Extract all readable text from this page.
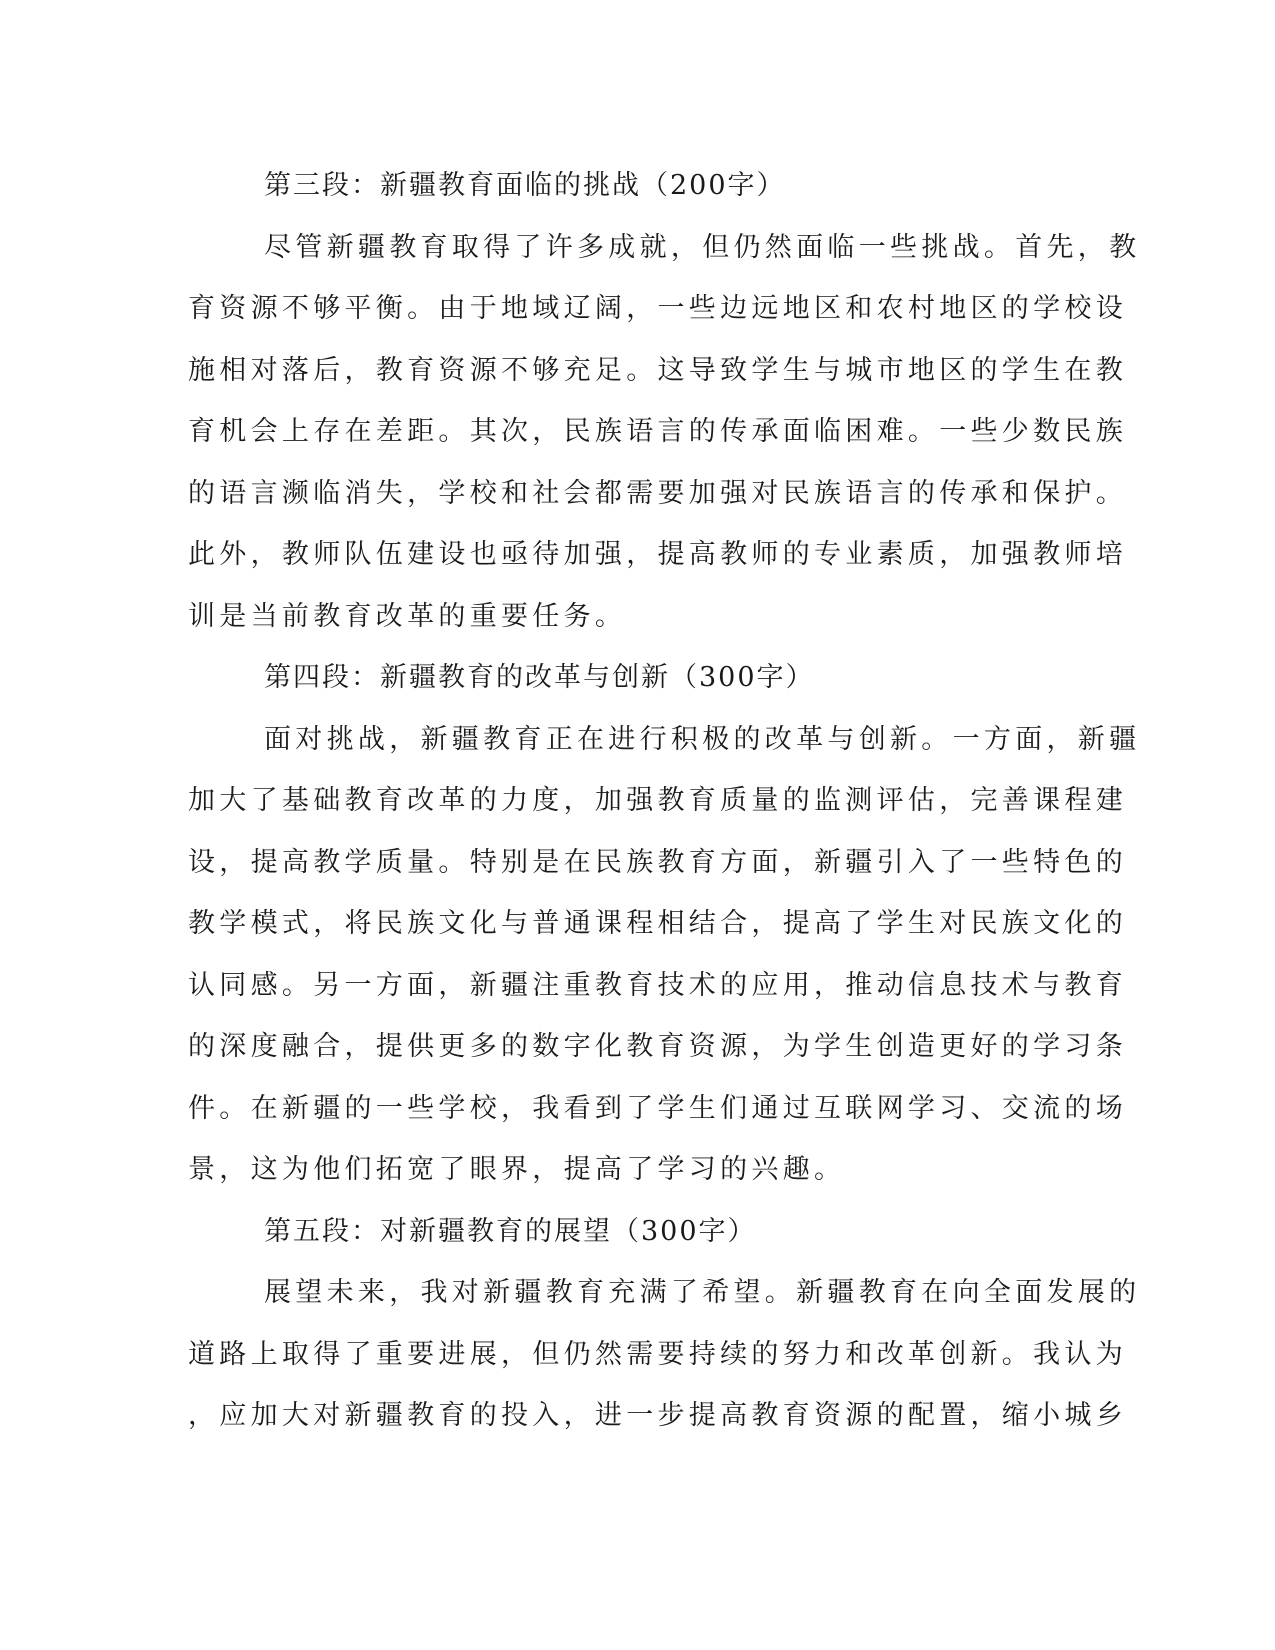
第三段：新疆教育面临的挑战（200字）
尽管新疆教育取得了许多成就，但仍然面临一些挑战。首先，教
育资源不够平衡。由于地域辽阔，一些边远地区和农村地区的学校设
施相对落后，教育资源不够充足。这导致学生与城市地区的学生在教
育机会上存在差距。其次，民族语言的传承面临困难。一些少数民族
的语言濒临消失，学校和社会都需要加强对民族语言的传承和保护。
此外，教师队伍建设也亟待加强，提高教师的专业素质，加强教师培
训是当前教育改革的重要任务。
第四段：新疆教育的改革与创新（300字）
面对挑战，新疆教育正在进行积极的改革与创新。一方面，新疆
加大了基础教育改革的力度，加强教育质量的监测评估，完善课程建
设，提高教学质量。特别是在民族教育方面，新疆引入了一些特色的
教学模式，将民族文化与普通课程相结合，提高了学生对民族文化的
认同感。另一方面，新疆注重教育技术的应用，推动信息技术与教育
的深度融合，提供更多的数字化教育资源，为学生创造更好的学习条
件。在新疆的一些学校，我看到了学生们通过互联网学习、交流的场
景，这为他们拓宽了眼界，提高了学习的兴趣。
第五段：对新疆教育的展望（300字）
展望未来，我对新疆教育充满了希望。新疆教育在向全面发展的
道路上取得了重要进展，但仍然需要持续的努力和改革创新。我认为
，应加大对新疆教育的投入，进一步提高教育资源的配置，缩小城乡
